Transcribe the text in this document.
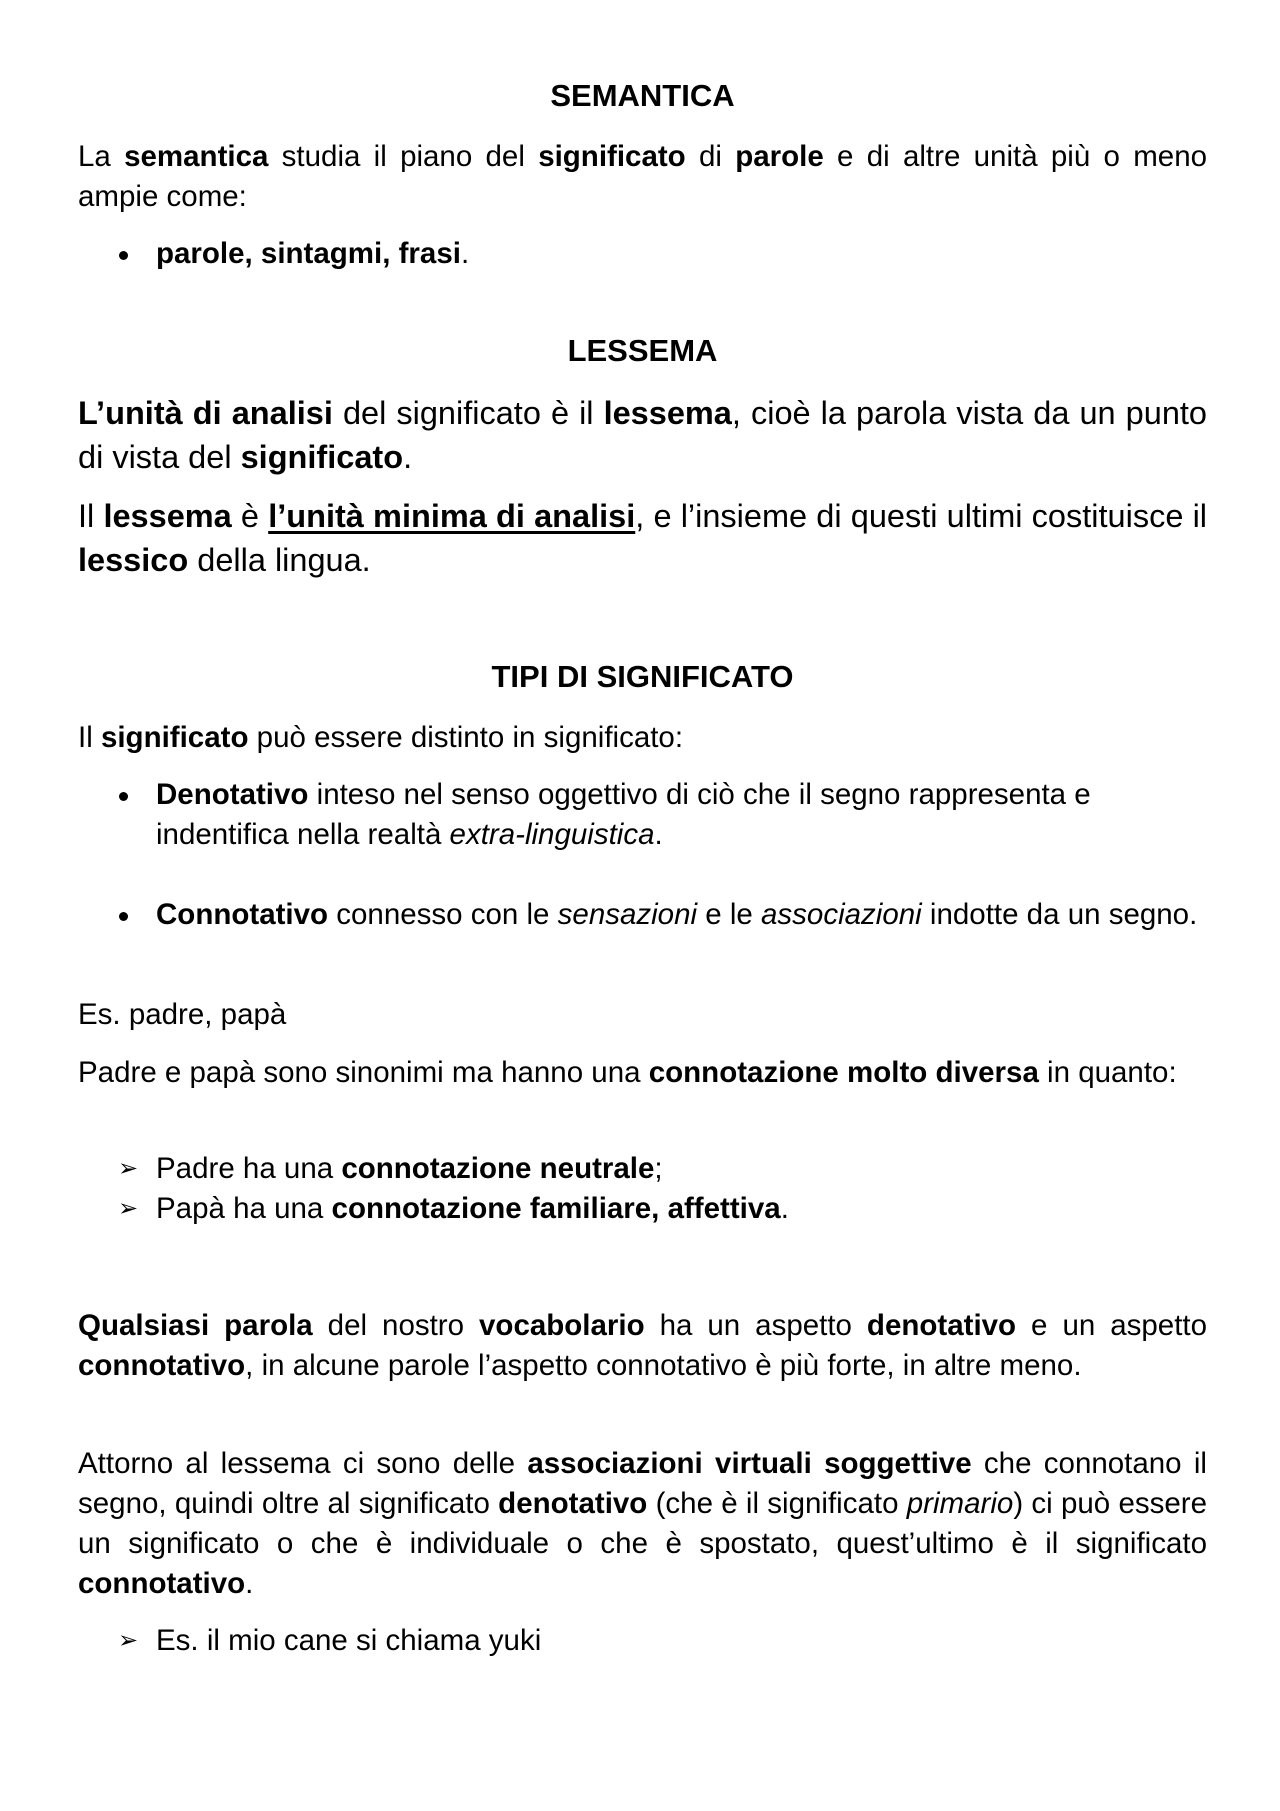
SEMANTICA

La semantica studia il piano del significato di parole e di altre unità più o meno ampie come:

parole, sintagmi, frasi.
LESSEMA

L’unità di analisi del significato è il lessema, cioè la parola vista da un punto di vista del significato.

Il lessema è l’unità minima di analisi, e l’insieme di questi ultimi costituisce il lessico della lingua.

TIPI DI SIGNIFICATO

Il significato può essere distinto in significato:

Denotativo inteso nel senso oggettivo di ciò che il segno rappresenta e indentifica nella realtà extra-linguistica.
Connotativo connesso con le sensazioni e le associazioni indotte da un segno.

Es. padre, papà

Padre e papà sono sinonimi ma hanno una connotazione molto diversa in quanto:

➢ Padre ha una connotazione neutrale;
➢ Papà ha una connotazione familiare, affettiva.

Qualsiasi parola del nostro vocabolario ha un aspetto denotativo e un aspetto connotativo, in alcune parole l’aspetto connotativo è più forte, in altre meno.

Attorno al lessema ci sono delle associazioni virtuali soggettive che connotano il segno, quindi oltre al significato denotativo (che è il significato primario) ci può essere un significato o che è individuale o che è spostato, quest’ultimo è il significato connotativo.

➢ Es. il mio cane si chiama yuki
